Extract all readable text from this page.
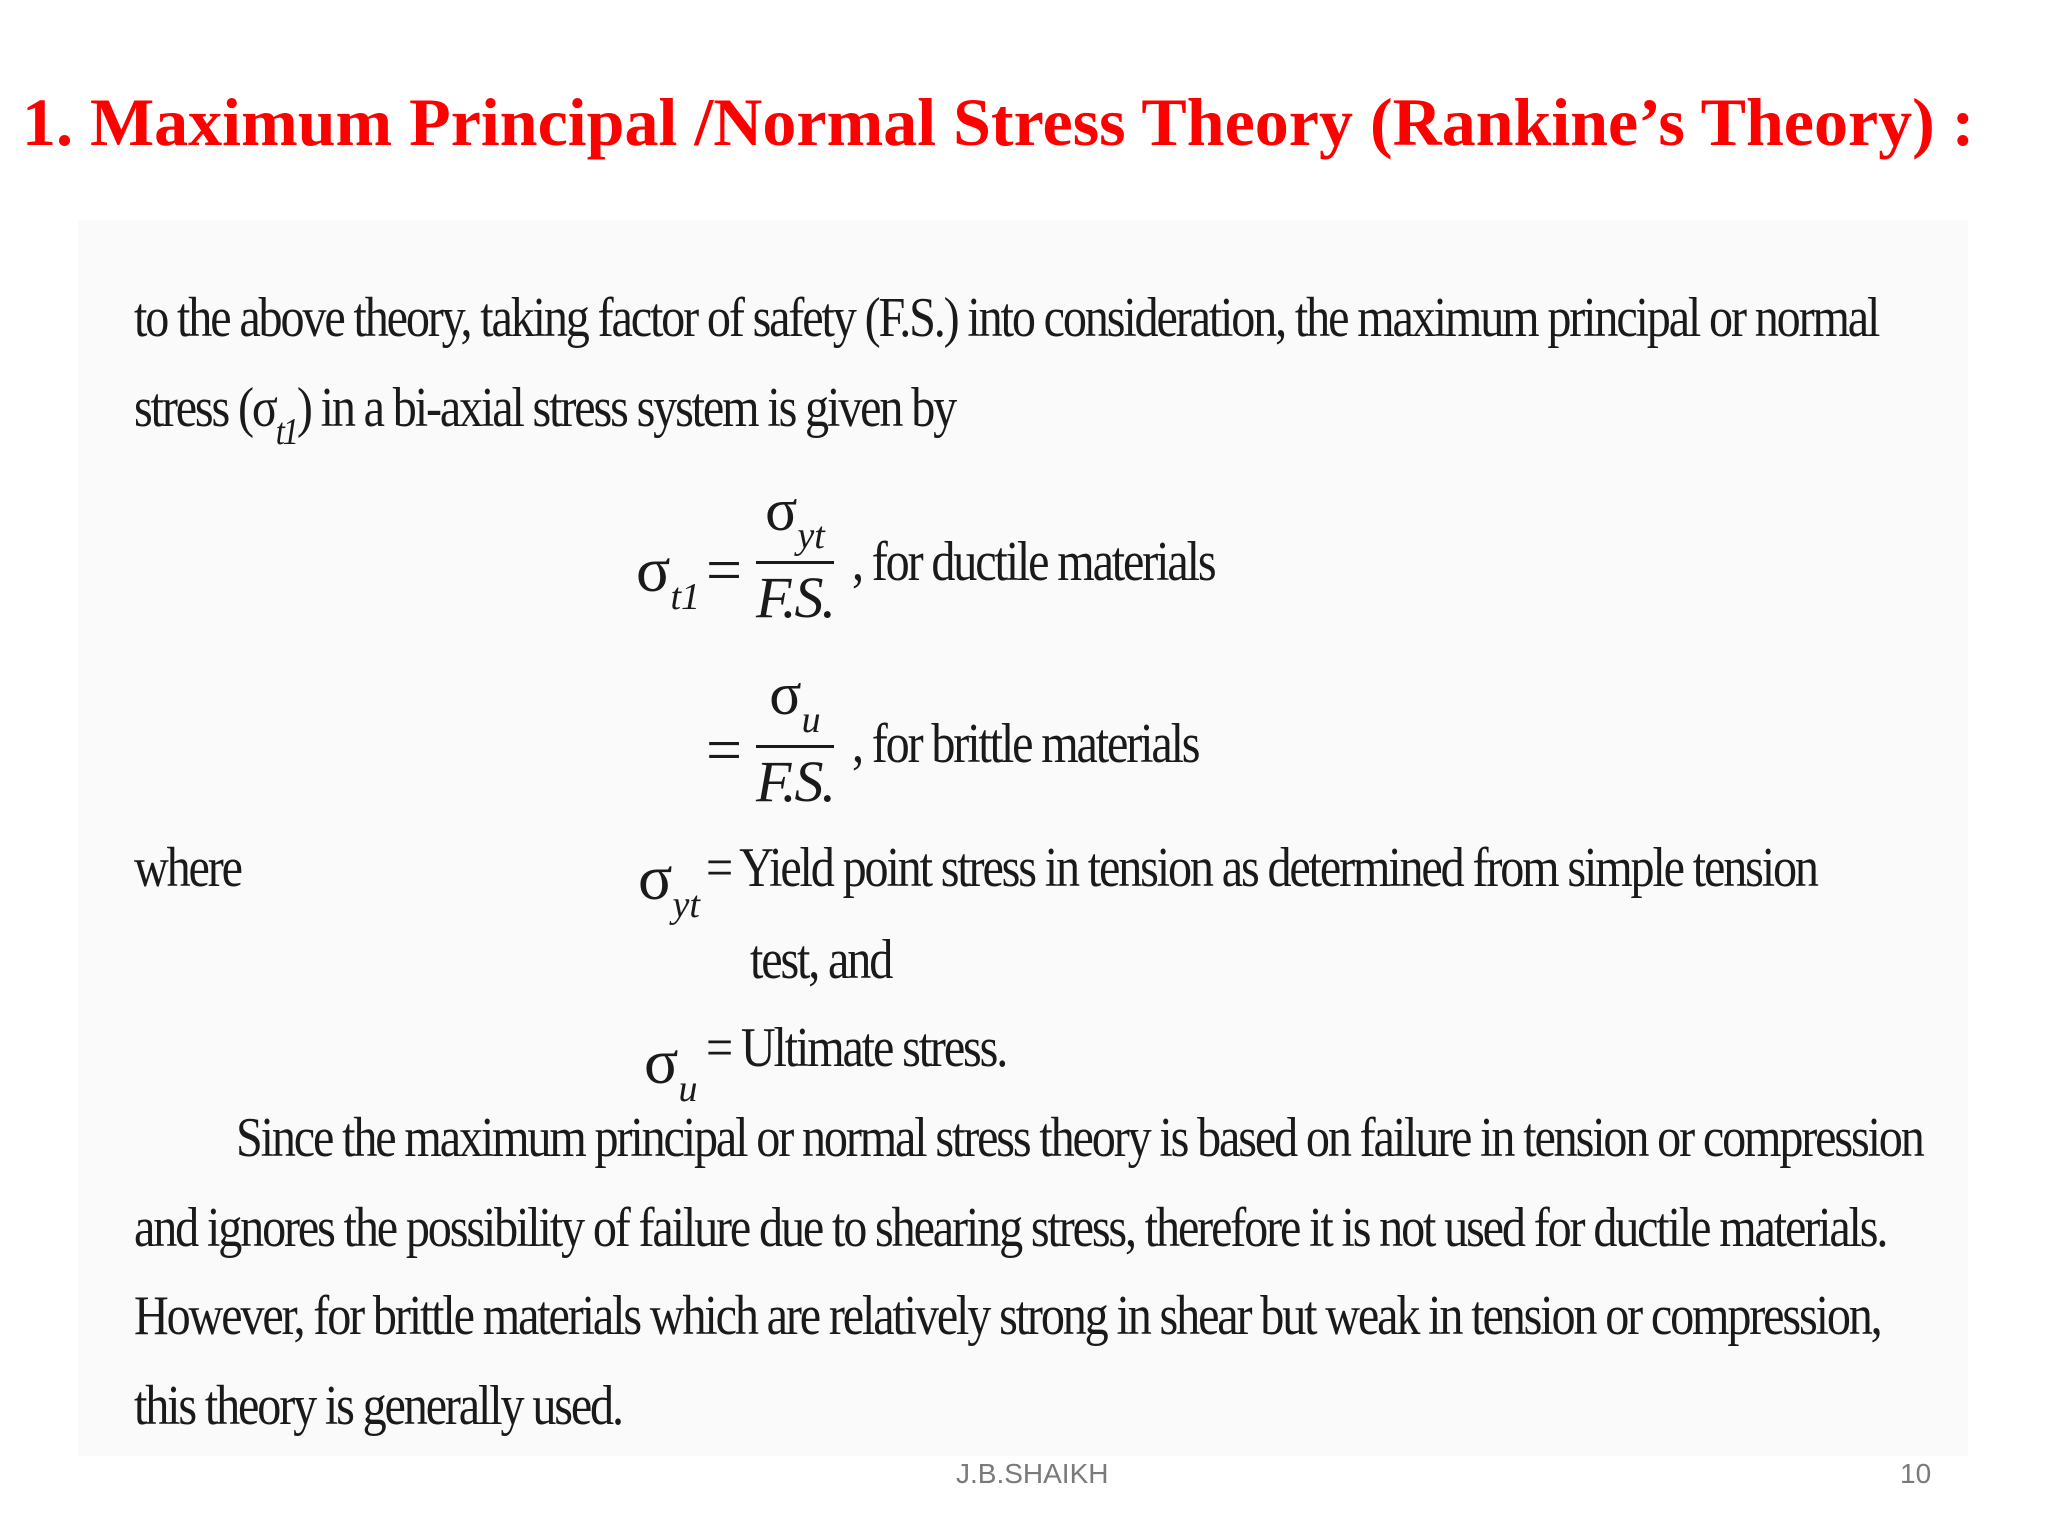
1. Maximum Principal /Normal Stress Theory (Rankine’s Theory) :
to the above theory, taking factor of safety (F.S.) into consideration, the maximum principal or normal
stress $(\sigma_{t1})$ in a bi-axial stress system is given by
$\sigma_{t1}$ =
$\sigma_{yt}$
F.S.
, for ductile materials
=
$\sigma_u$
F.S.
, for brittle materials
where	$\sigma_{yt}$
= Yield point stress in tension as determined from simple tension
test, and
$\sigma_u$
= Ultimate stress.
Since the maximum principal or normal stress theory is based on failure in tension or compression
and ignores the possibility of failure due to shearing stress, therefore it is not used for ductile materials.
However, for brittle materials which are relatively strong in shear but weak in tension or compression,
this theory is generally used.
J.B.SHAIKH	10
